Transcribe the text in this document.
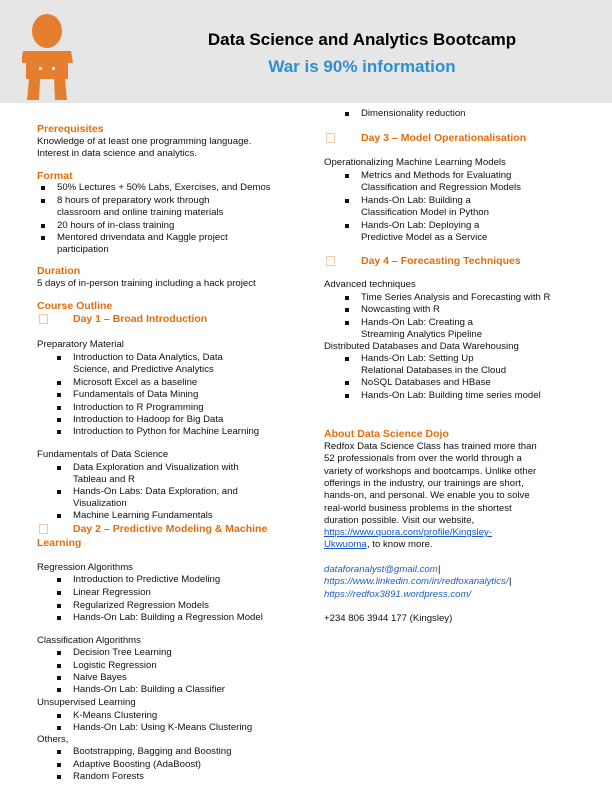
Data Science and Analytics Bootcamp
War is 90% information
Prerequisites
Knowledge of at least one programming language.
Interest in data science and analytics.
Format
50% Lectures + 50% Labs, Exercises, and Demos
8 hours of preparatory work through
classroom and online training materials
20 hours of in-class training
Mentored drivendata and Kaggle project
participation
Duration
5 days of in-person training including a hack project
Course Outline
Day 1 – Broad Introduction
Preparatory Material
Introduction to Data Analytics, Data
Science, and Predictive Analytics
Microsoft Excel as a baseline
Fundamentals of Data Mining
Introduction to R Programming
Introduction to Hadoop for Big Data
Introduction to Python for Machine Learning
Fundamentals of Data Science
Data Exploration and Visualization with
Tableau and R
Hands-On Labs: Data Exploration, and
Visualization
Machine Learning Fundamentals
Day 2 – Predictive Modeling & Machine
Learning
Regression Algorithms
Introduction to Predictive Modeling
Linear Regression
Regularized Regression Models
Hands-On Lab: Building a Regression Model
Classification Algorithms
Decision Tree Learning
Logistic Regression
Naive Bayes
Hands-On Lab: Building a Classifier
Unsupervised Learning
K-Means Clustering
Hands-On Lab: Using K-Means Clustering
Others,
Bootstrapping, Bagging and Boosting
Adaptive Boosting (AdaBoost)
Random Forests
Dimensionality reduction
Day 3 – Model Operationalisation
Operationalizing Machine Learning Models
Metrics and Methods for Evaluating
Classification and Regression Models
Hands-On Lab: Building a
Classification Model in Python
Hands-On Lab: Deploying a
Predictive Model as a Service
Day 4 – Forecasting Techniques
Advanced techniques
Time Series Analysis and Forecasting with R
Nowcasting with R
Hands-On Lab: Creating a
Streaming Analytics Pipeline
Distributed Databases and Data Warehousing
Hands-On Lab: Setting Up
Relational Databases in the Cloud
NoSQL Databases and HBase
Hands-On Lab: Building time series model
About Data Science Dojo
Redfox Data Science Class has trained more than
52 professionals from over the world through a
variety of workshops and bootcamps. Unlike other
offerings in the industry, our trainings are short,
hands-on, and personal. We enable you to solve
real-world business problems in the shortest
duration possible. Visit our website,
https://www.quora.com/profile/Kingsley-
Ukwuoma , to know more.
dataforanalyst@gmail.com |
https://www.linkedin.com/in/redfoxanalytics/ |
https://redfox3891.wordpress.com/
+234 806 3944 177 (Kingsley)
